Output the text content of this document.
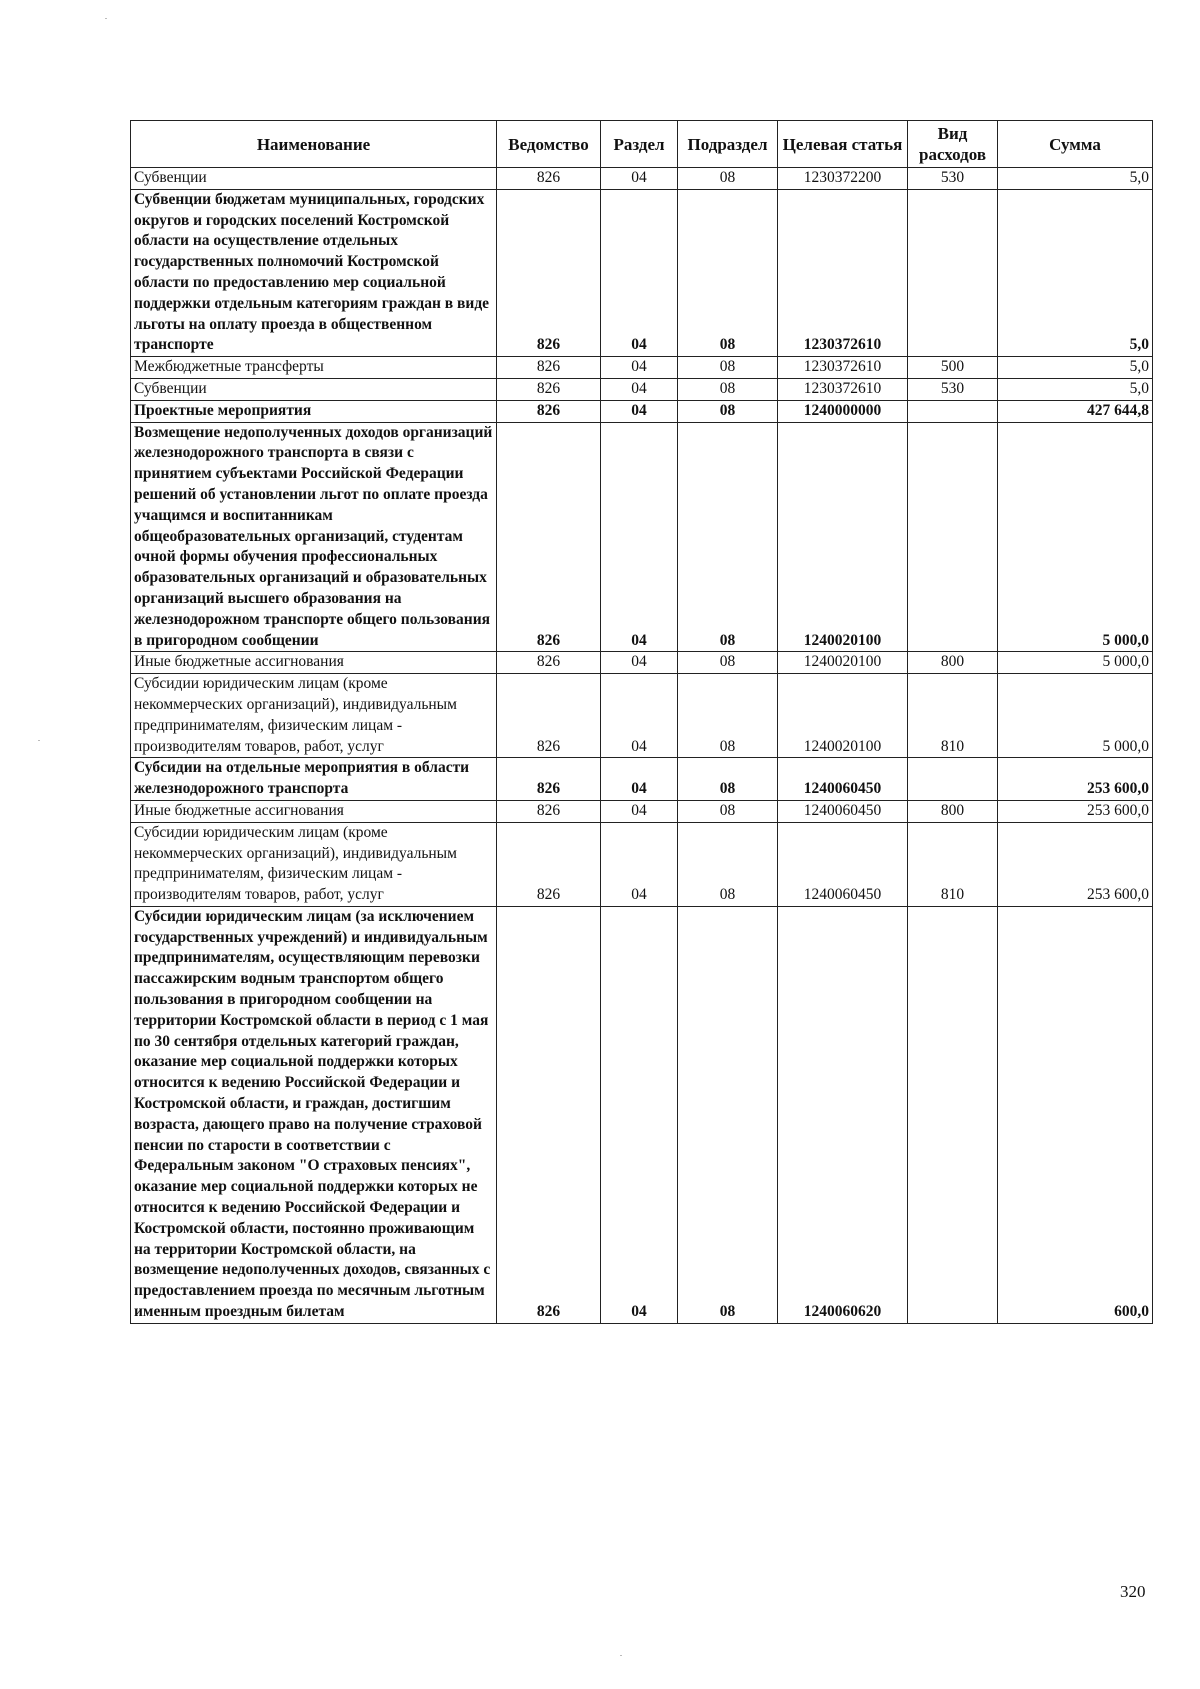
Наименование	Ведомство	Раздел	Подраздел	Целевая статья	Вид расходов	Сумма
Субвенции	826	04	08	1230372200	530	5,0
Субвенции бюджетам муниципальных, городских округов и городских поселений Костромской области на осуществление отдельных государственных полномочий Костромской области по предоставлению мер социальной поддержки отдельным категориям граждан в виде льготы на оплату проезда в общественном транспорте	826	04	08	1230372610		5,0
Межбюджетные трансферты	826	04	08	1230372610	500	5,0
Субвенции	826	04	08	1230372610	530	5,0
Проектные мероприятия	826	04	08	1240000000		427 644,8
Возмещение недополученных доходов организаций железнодорожного транспорта в связи с принятием субъектами Российской Федерации решений об установлении льгот по оплате проезда учащимся и воспитанникам общеобразовательных организаций, студентам очной формы обучения профессиональных образовательных организаций и образовательных организаций высшего образования на железнодорожном транспорте общего пользования в пригородном сообщении	826	04	08	1240020100		5 000,0
Иные бюджетные ассигнования	826	04	08	1240020100	800	5 000,0
Субсидии юридическим лицам (кроме некоммерческих организаций), индивидуальным предпринимателям, физическим лицам - производителям товаров, работ, услуг	826	04	08	1240020100	810	5 000,0
Субсидии на отдельные мероприятия в области железнодорожного транспорта	826	04	08	1240060450		253 600,0
Иные бюджетные ассигнования	826	04	08	1240060450	800	253 600,0
Субсидии юридическим лицам (кроме некоммерческих организаций), индивидуальным предпринимателям, физическим лицам - производителям товаров, работ, услуг	826	04	08	1240060450	810	253 600,0
Субсидии юридическим лицам (за исключением государственных учреждений) и индивидуальным предпринимателям, осуществляющим перевозки пассажирским водным транспортом общего пользования в пригородном сообщении на территории Костромской области в период с 1 мая по 30 сентября отдельных категорий граждан, оказание мер социальной поддержки которых относится к ведению Российской Федерации и Костромской области, и граждан, достигшим возраста, дающего право на получение страховой пенсии по старости в соответствии с Федеральным законом "О страховых пенсиях", оказание мер социальной поддержки которых не относится к ведению Российской Федерации и Костромской области, постоянно проживающим на территории Костромской области, на возмещение недополученных доходов, связанных с предоставлением проезда по месячным льготным именным проездным билетам	826	04	08	1240060620		600,0
320
